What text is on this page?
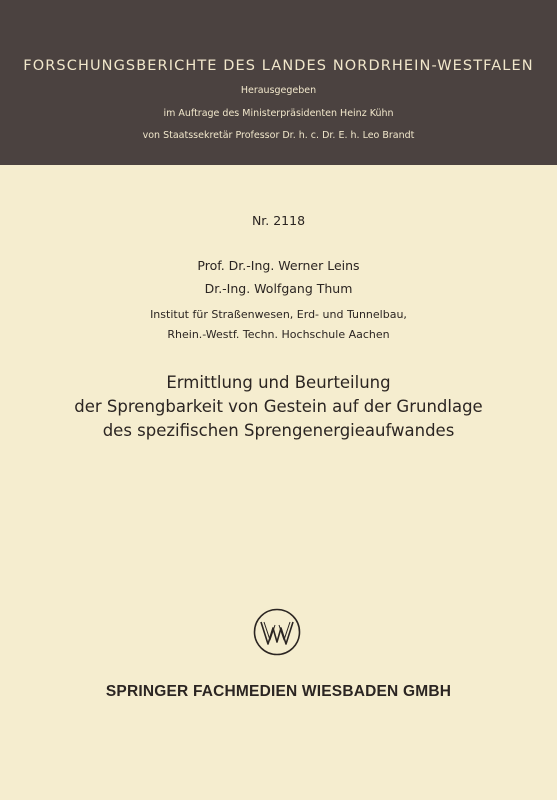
FORSCHUNGSBERICHTE DES LANDES NORDRHEIN-WESTFALEN
Herausgegeben
im Auftrage des Ministerpräsidenten Heinz Kühn
von Staatssekretär Professor Dr. h. c. Dr. E. h. Leo Brandt
Nr. 2118
Prof. Dr.-Ing. Werner Leins
Dr.-Ing. Wolfgang Thum
Institut für Straßenwesen, Erd- und Tunnelbau,
Rhein.-Westf. Techn. Hochschule Aachen
Ermittlung und Beurteilung
der Sprengbarkeit von Gestein auf der Grundlage
des spezifischen Sprengenergieaufwandes
SPRINGER FACHMEDIEN WIESBADEN GMBH
